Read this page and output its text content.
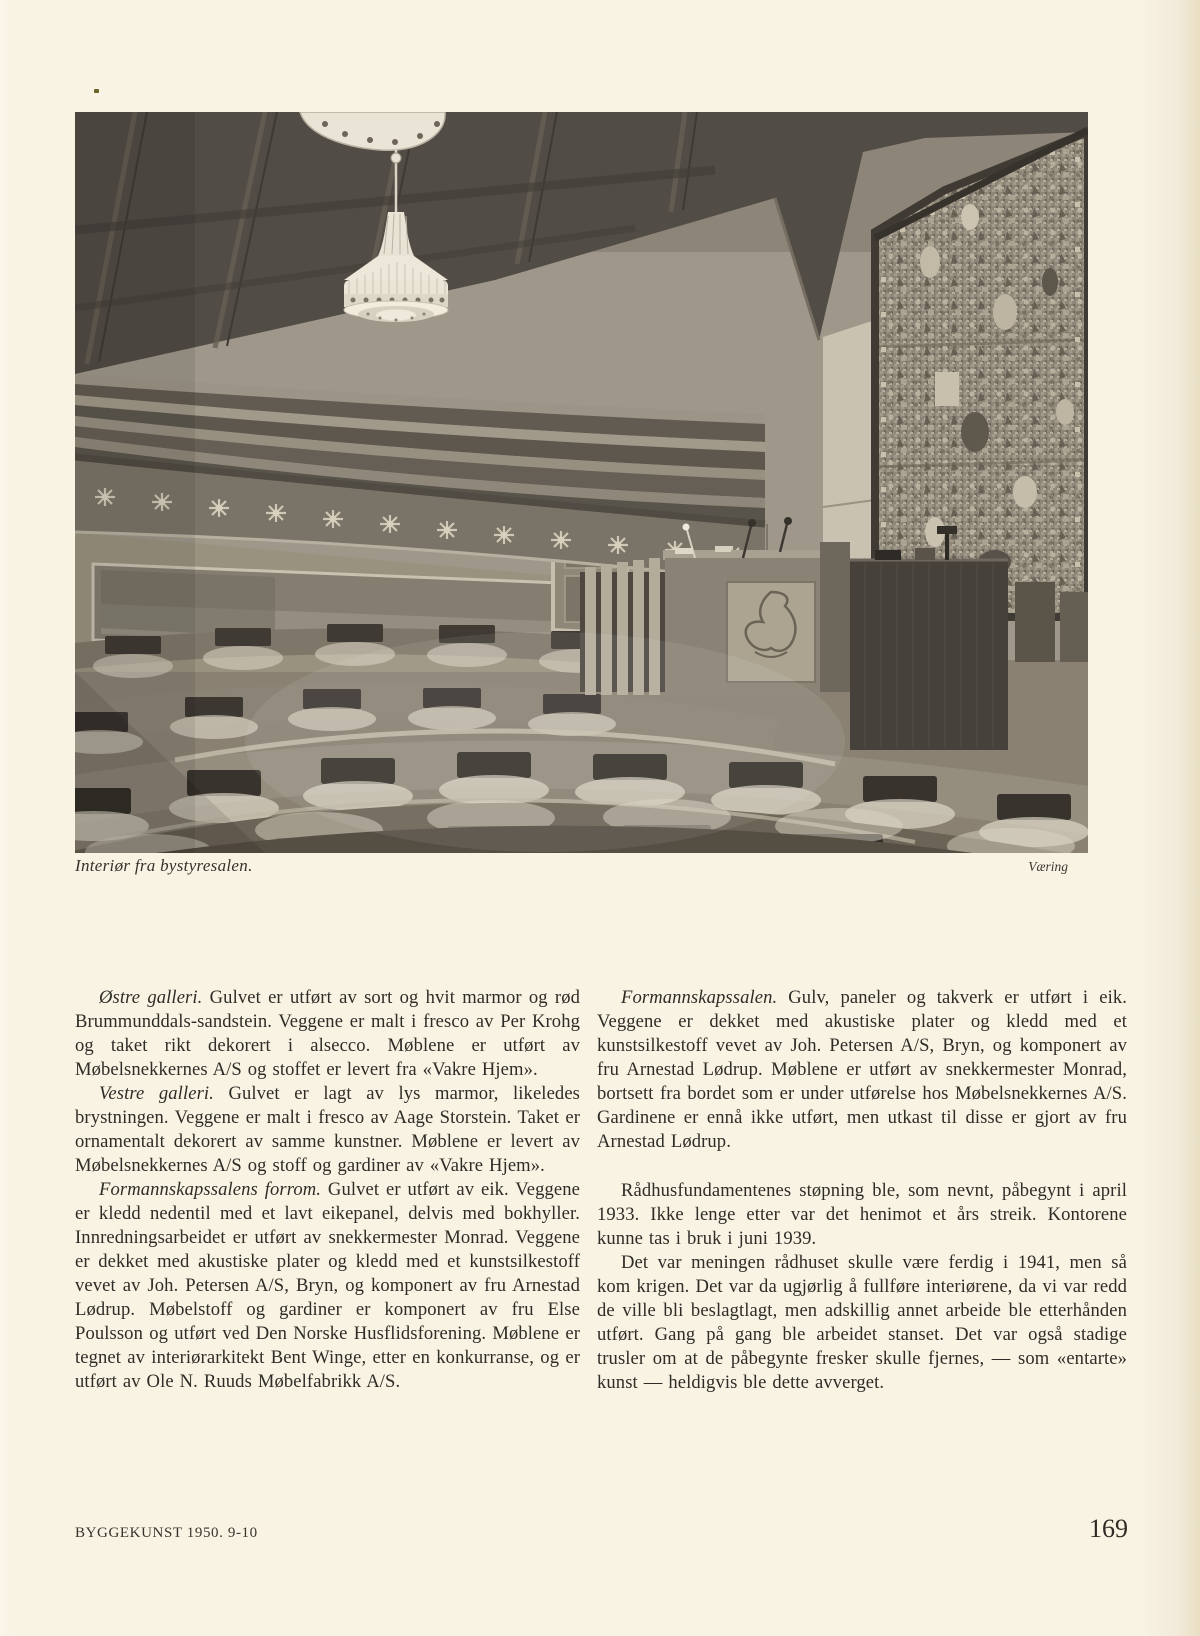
Interiør fra bystyresalen.	Væring

Østre galleri. Gulvet er utført av sort og hvit marmor og rød Brummunddals-sandstein. Veggene er malt i fresco av Per Krohg og taket rikt dekorert i alsecco. Møblene er utført av Møbelsnekkernes A/S og stoffet er levert fra «Vakre Hjem».

Vestre galleri. Gulvet er lagt av lys marmor, likeledes brystningen. Veggene er malt i fresco av Aage Storstein. Taket er ornamentalt dekorert av samme kunstner. Møblene er levert av Møbelsnekkernes A/S og stoff og gardiner av «Vakre Hjem».

Formannskapssalens forrom. Gulvet er utført av eik. Veggene er kledd nedentil med et lavt eikepanel, delvis med bokhyller. Innredningsarbeidet er utført av snekkermester Monrad. Veggene er dekket med akustiske plater og kledd med et kunstsilkestoff vevet av Joh. Petersen A/S, Bryn, og komponert av fru Arnestad Lødrup. Møbelstoff og gardiner er komponert av fru Else Poulsson og utført ved Den Norske Husflidsforening. Møblene er tegnet av interiørarkitekt Bent Winge, etter en konkurranse, og er utført av Ole N. Ruuds Møbelfabrikk A/S.

Formannskapssalen. Gulv, paneler og takverk er utført i eik. Veggene er dekket med akustiske plater og kledd med et kunstsilkestoff vevet av Joh. Petersen A/S, Bryn, og komponert av fru Arnestad Lødrup. Møblene er utført av snekkermester Monrad, bortsett fra bordet som er under utførelse hos Møbelsnekkernes A/S. Gardinene er ennå ikke utført, men utkast til disse er gjort av fru Arnestad Lødrup.

Rådhusfundamentenes støpning ble, som nevnt, påbegynt i april 1933. Ikke lenge etter var det henimot et års streik. Kontorene kunne tas i bruk i juni 1939.

Det var meningen rådhuset skulle være ferdig i 1941, men så kom krigen. Det var da ugjørlig å fullføre interiørene, da vi var redd de ville bli beslagtlagt, men adskillig annet arbeide ble etterhånden utført. Gang på gang ble arbeidet stanset. Det var også stadige trusler om at de påbegynte fresker skulle fjernes, — som «entarte» kunst — heldigvis ble dette avverget.

BYGGEKUNST 1950. 9-10	169
